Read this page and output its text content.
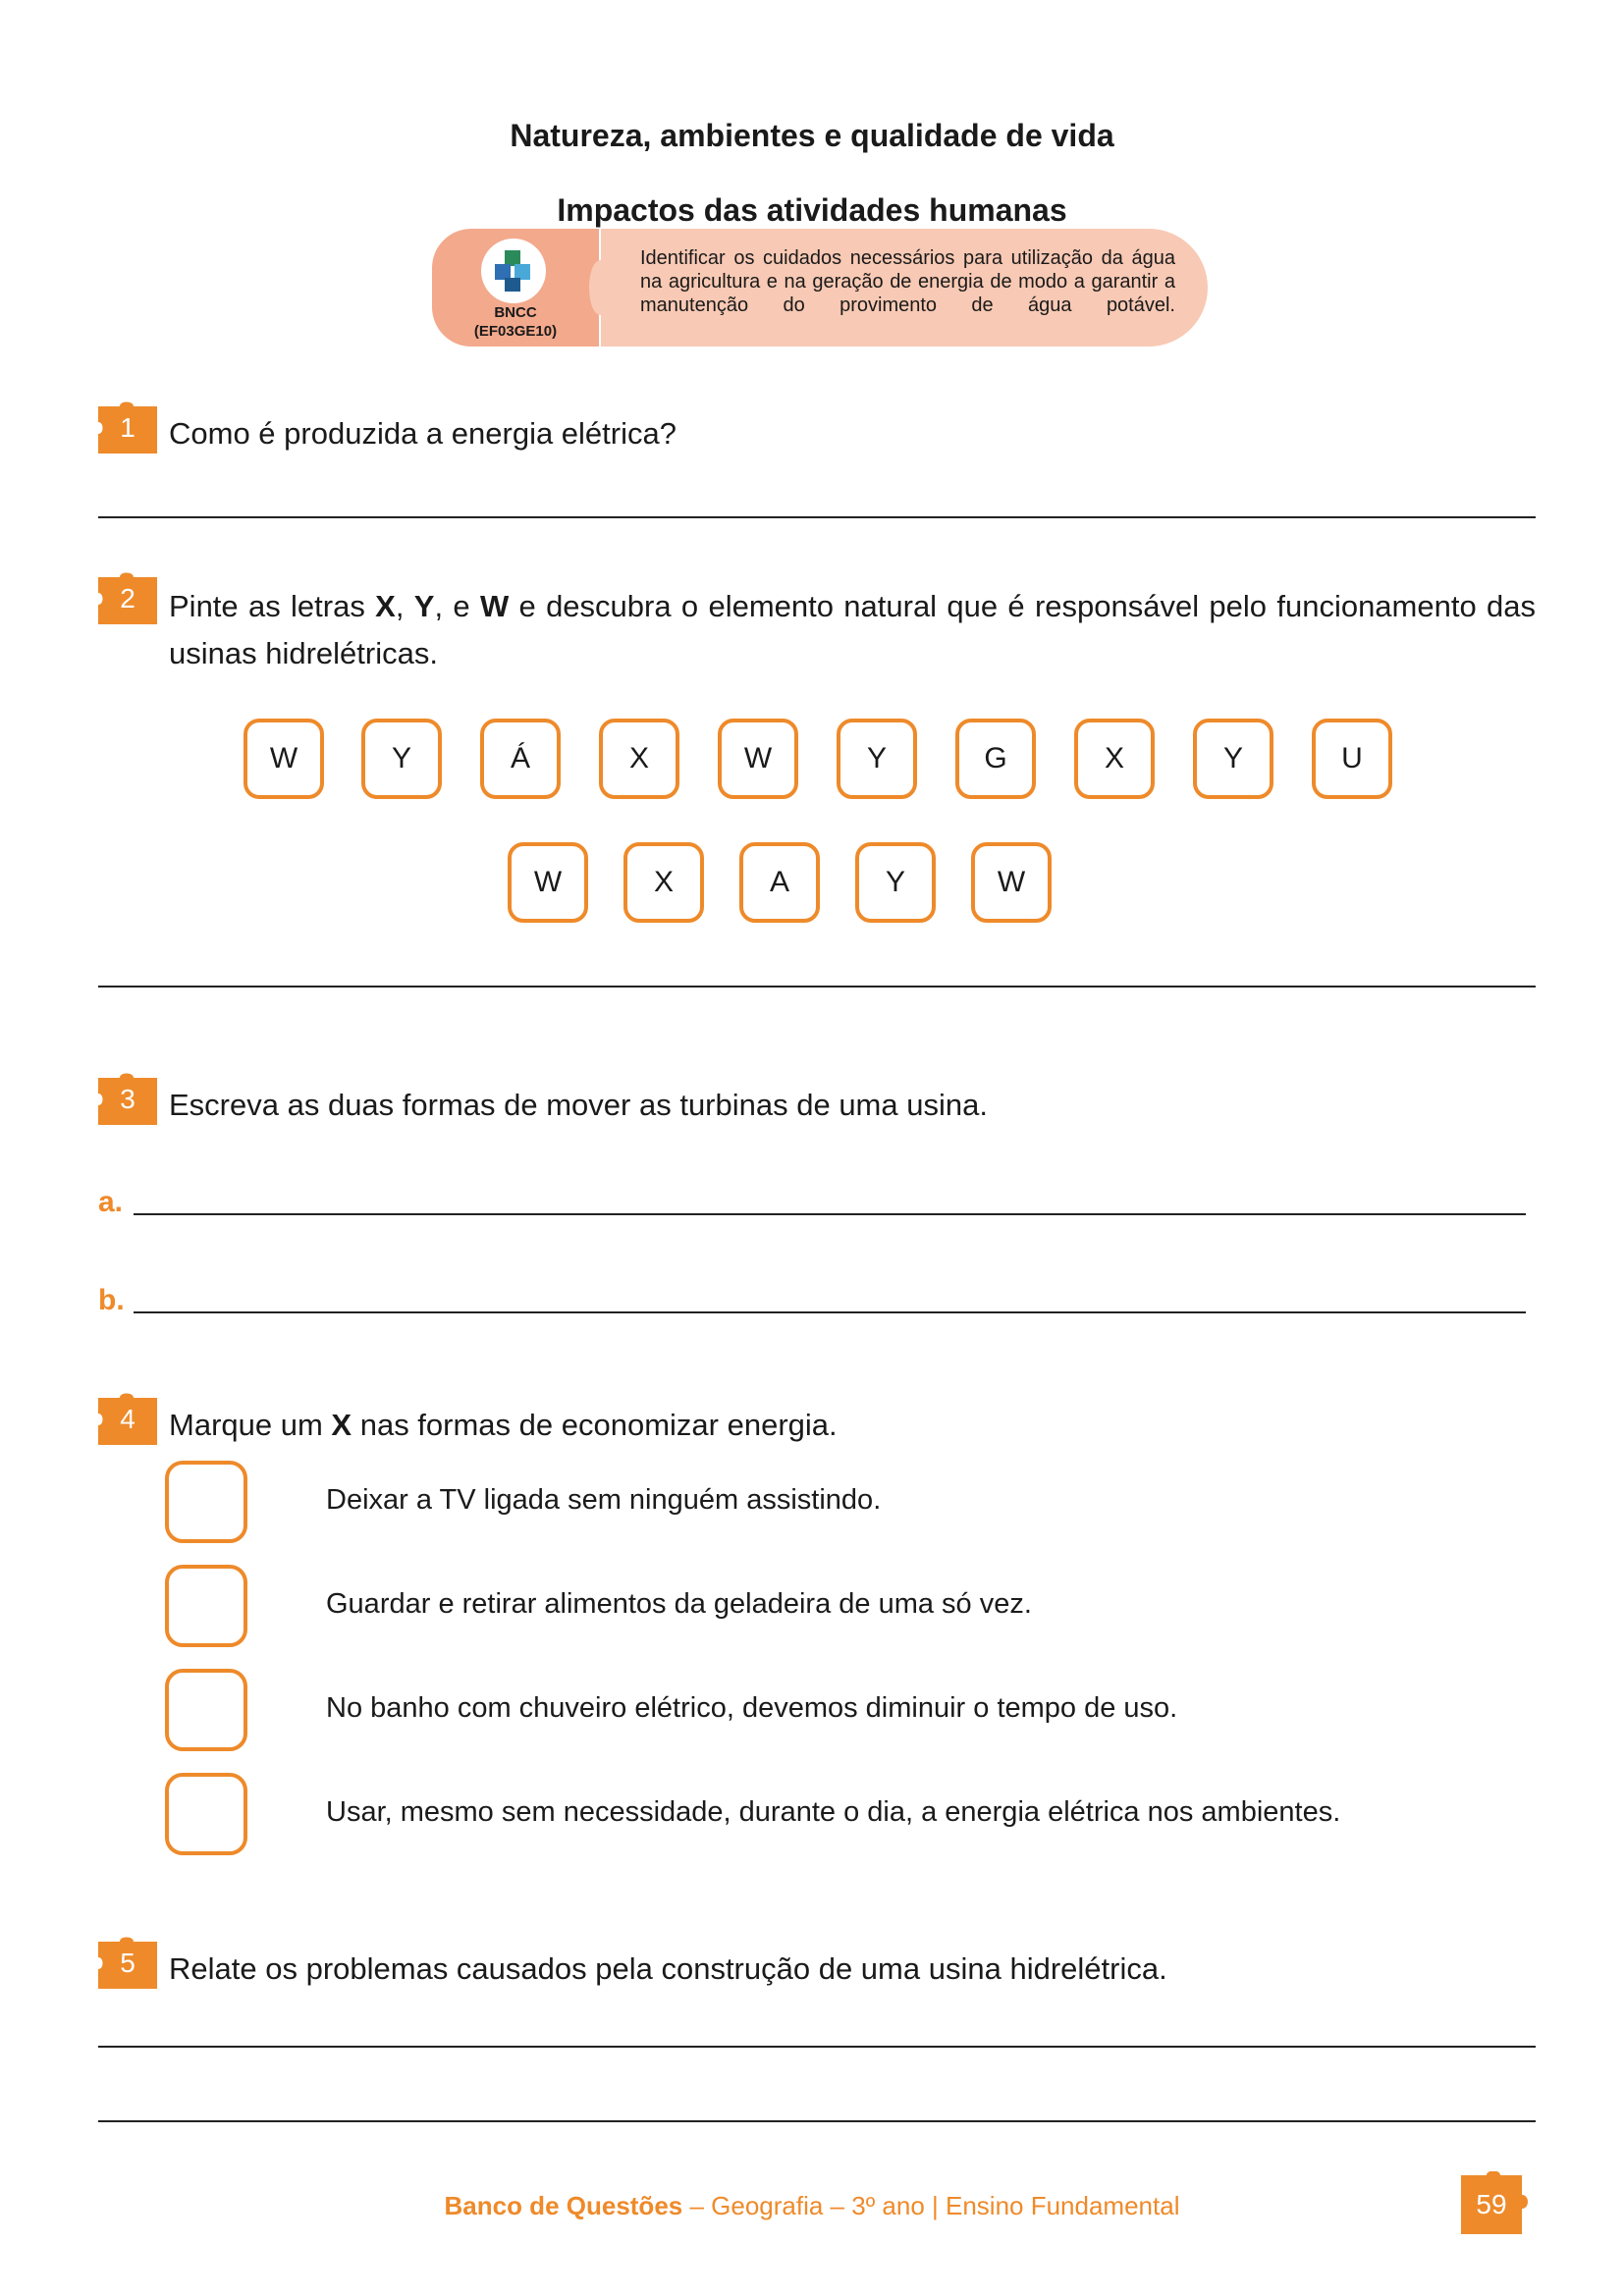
Natureza, ambientes e qualidade de vida
Impactos das atividades humanas
BNCC
(EF03GE10)
Identificar os cuidados necessários para utilização da água na agricultura e na geração de energia de modo a garantir a manutenção do provimento de água potável.
1	Como é produzida a energia elétrica?
2	Pinte as letras X, Y, e W e descubra o elemento natural que é responsável pelo funcionamento das
usinas hidrelétricas.
W	Y	Á	X	W	Y	G	X	Y	U
W	X	A	Y	W
3	Escreva as duas formas de mover as turbinas de uma usina.
a.
b.
4	Marque um X nas formas de economizar energia.
Deixar a TV ligada sem ninguém assistindo.
Guardar e retirar alimentos da geladeira de uma só vez.
No banho com chuveiro elétrico, devemos diminuir o tempo de uso.
Usar, mesmo sem necessidade, durante o dia, a energia elétrica nos ambientes.
5	Relate os problemas causados pela construção de uma usina hidrelétrica.
Banco de Questões – Geografia – 3º ano | Ensino Fundamental	59
